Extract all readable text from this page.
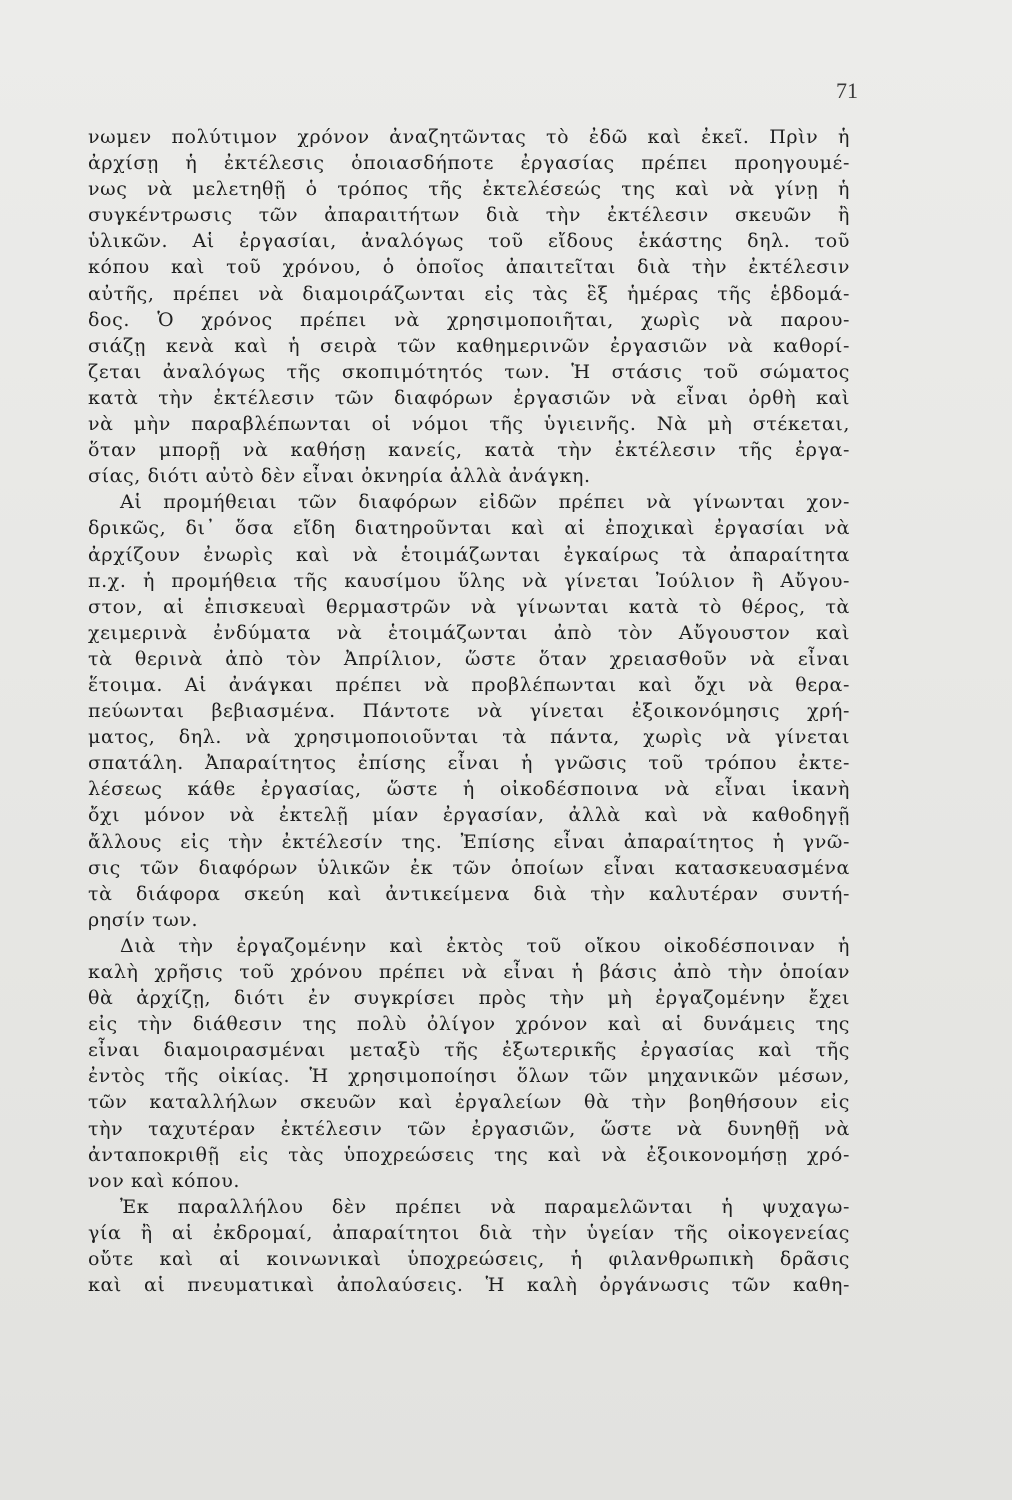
71
νωμεν πολύτιμον χρόνον ἀναζητῶντας τὸ ἐδῶ καὶ ἐκεῖ. Πρὶν ἡ
ἀρχίσῃ ἡ ἐκτέλεσις ὁποιασδήποτε ἐργασίας πρέπει προηγουμέ-
νως νὰ μελετηθῇ ὁ τρόπος τῆς ἐκτελέσεώς της καὶ νὰ γίνῃ ἡ
συγκέντρωσις τῶν ἀπαραιτήτων διὰ τὴν ἐκτέλεσιν σκευῶν ἢ
ὑλικῶν. Αἱ ἐργασίαι, ἀναλόγως τοῦ εἴδους ἑκάστης δηλ. τοῦ
κόπου καὶ τοῦ χρόνου, ὁ ὁποῖος ἀπαιτεῖται διὰ τὴν ἐκτέλεσιν
αὐτῆς, πρέπει νὰ διαμοιράζωνται εἰς τὰς ἓξ ἡμέρας τῆς ἑβδομά-
δος. Ὁ χρόνος πρέπει νὰ χρησιμοποιῆται, χωρὶς νὰ παρου-
σιάζῃ κενὰ καὶ ἡ σειρὰ τῶν καθημερινῶν ἐργασιῶν νὰ καθορί-
ζεται ἀναλόγως τῆς σκοπιμότητός των. Ἡ στάσις τοῦ σώματος
κατὰ τὴν ἐκτέλεσιν τῶν διαφόρων ἐργασιῶν νὰ εἶναι ὀρθὴ καὶ
νὰ μὴν παραβλέπωνται οἱ νόμοι τῆς ὑγιεινῆς. Νὰ μὴ στέκεται,
ὅταν μπορῇ νὰ καθήσῃ κανείς, κατὰ τὴν ἐκτέλεσιν τῆς ἐργα-
σίας, διότι αὐτὸ δὲν εἶναι ὀκνηρία ἀλλὰ ἀνάγκη.
Αἱ προμήθειαι τῶν διαφόρων εἰδῶν πρέπει νὰ γίνωνται χον-
δρικῶς, δι᾽ ὅσα εἴδη διατηροῦνται καὶ αἱ ἐποχικαὶ ἐργασίαι νὰ
ἀρχίζουν ἐνωρὶς καὶ νὰ ἑτοιμάζωνται ἐγκαίρως τὰ ἀπαραίτητα
π.χ. ἡ προμήθεια τῆς καυσίμου ὕλης νὰ γίνεται Ἰούλιον ἢ Αὔγου-
στον, αἱ ἐπισκευαὶ θερμαστρῶν νὰ γίνωνται κατὰ τὸ θέρος, τὰ
χειμερινὰ ἐνδύματα νὰ ἑτοιμάζωνται ἀπὸ τὸν Αὔγουστον καὶ
τὰ θερινὰ ἀπὸ τὸν Ἀπρίλιον, ὥστε ὅταν χρειασθοῦν νὰ εἶναι
ἕτοιμα. Αἱ ἀνάγκαι πρέπει νὰ προβλέπωνται καὶ ὄχι νὰ θερα-
πεύωνται βεβιασμένα. Πάντοτε νὰ γίνεται ἐξοικονόμησις χρή-
ματος, δηλ. νὰ χρησιμοποιοῦνται τὰ πάντα, χωρὶς νὰ γίνεται
σπατάλη. Ἀπαραίτητος ἐπίσης εἶναι ἡ γνῶσις τοῦ τρόπου ἐκτε-
λέσεως κάθε ἐργασίας, ὥστε ἡ οἰκοδέσποινα νὰ εἶναι ἱκανὴ
ὄχι μόνον νὰ ἐκτελῇ μίαν ἐργασίαν, ἀλλὰ καὶ νὰ καθοδηγῇ
ἄλλους εἰς τὴν ἐκτέλεσίν της. Ἐπίσης εἶναι ἀπαραίτητος ἡ γνῶ-
σις τῶν διαφόρων ὑλικῶν ἐκ τῶν ὁποίων εἶναι κατασκευασμένα
τὰ διάφορα σκεύη καὶ ἀντικείμενα διὰ τὴν καλυτέραν συντή-
ρησίν των.
Διὰ τὴν ἐργαζομένην καὶ ἐκτὸς τοῦ οἴκου οἰκοδέσποιναν ἡ
καλὴ χρῆσις τοῦ χρόνου πρέπει νὰ εἶναι ἡ βάσις ἀπὸ τὴν ὁποίαν
θὰ ἀρχίζῃ, διότι ἐν συγκρίσει πρὸς τὴν μὴ ἐργαζομένην ἔχει
εἰς τὴν διάθεσιν της πολὺ ὀλίγον χρόνον καὶ αἱ δυνάμεις της
εἶναι διαμοιρασμέναι μεταξὺ τῆς ἐξωτερικῆς ἐργασίας καὶ τῆς
ἐντὸς τῆς οἰκίας. Ἡ χρησιμοποίησι ὅλων τῶν μηχανικῶν μέσων,
τῶν καταλλήλων σκευῶν καὶ ἐργαλείων θὰ τὴν βοηθήσουν εἰς
τὴν ταχυτέραν ἐκτέλεσιν τῶν ἐργασιῶν, ὥστε νὰ δυνηθῇ νὰ
ἀνταποκριθῇ εἰς τὰς ὑποχρεώσεις της καὶ νὰ ἐξοικονομήσῃ χρό-
νον καὶ κόπου.
Ἐκ παραλλήλου δὲν πρέπει νὰ παραμελῶνται ἡ ψυχαγω-
γία ἢ αἱ ἐκδρομαί, ἀπαραίτητοι διὰ τὴν ὑγείαν τῆς οἰκογενείας
οὔτε καὶ αἱ κοινωνικαὶ ὑποχρεώσεις, ἡ φιλανθρωπικὴ δρᾶσις
καὶ αἱ πνευματικαὶ ἀπολαύσεις. Ἡ καλὴ ὀργάνωσις τῶν καθη-
